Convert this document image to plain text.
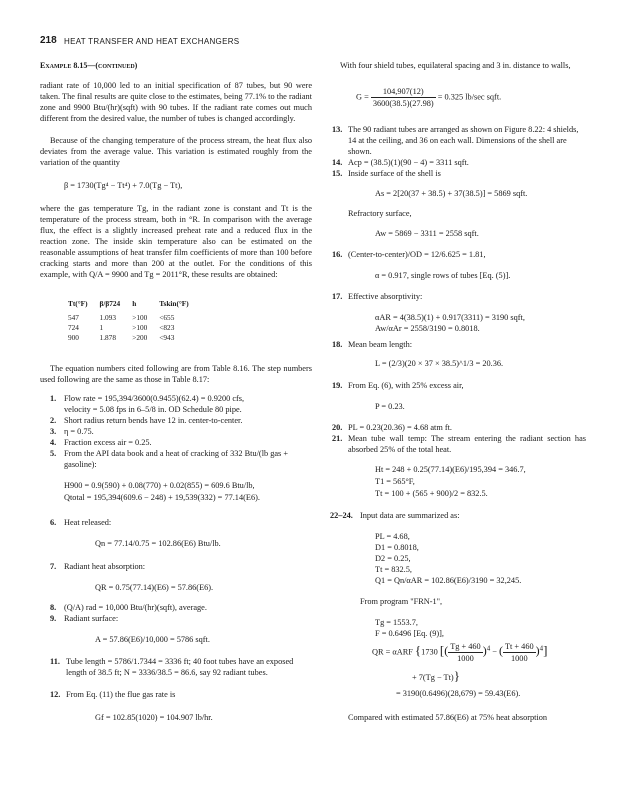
218 HEAT TRANSFER AND HEAT EXCHANGERS
Example 8.15—(continued)
radiant rate of 10,000 led to an initial specification of 87 tubes, but 90 were taken. The final results are quite close to the estimates, being 77.1% to the radiant zone and 9900 Btu/(hr)(sqft) with 90 tubes. If the radiant rate comes out much different from the desired value, the number of tubes is changed accordingly.
Because of the changing temperature of the process stream, the heat flux also deviates from the average value. This variation is estimated roughly from the variation of the quantity
β = 1730(Tg⁴ − Tt⁴) + 7.0(Tg − Tt),
where the gas temperature Tg, in the radiant zone is constant and Tt is the temperature of the process stream, both in °R. In comparison with the average flux, the effect is a slightly increased preheat rate and a reduced flux in the reaction zone. The inside skin temperature also can be estimated on the reasonable assumptions of heat transfer film coefficients of more than 100 before cracking starts and more than 200 at the outlet. For the conditions of this example, with Q/A = 9900 and Tg = 2011°R, these results are obtained:
Tt(°F)	β/β724	h	Tskin(°F)

547	1.093	>100	<655
724	1	>100	<823
900	1.878	>200	<943
The equation numbers cited following are from Table 8.16. The step numbers used following are the same as those in Table 8.17:
1. Flow rate = 195,394/3600(0.9455)(62.4) = 0.9200 cfs,
velocity = 5.08 fps in 6–5/8 in. OD Schedule 80 pipe.
2. Short radius return bends have 12 in. center-to-center.
3. η = 0.75.
4. Fraction excess air = 0.25.
5. From the API data book and a heat of cracking of 332 Btu/(lb gas + gasoline):
H900 = 0.9(590) + 0.08(770) + 0.02(855) = 609.6 Btu/lb,
Qtotal = 195,394(609.6 − 248) + 19,539(332) = 77.14(E6).
6. Heat released:
Qn = 77.14/0.75 = 102.86(E6) Btu/lb.
7. Radiant heat absorption:
QR = 0.75(77.14)(E6) = 57.86(E6).
8. (Q/A) rad = 10,000 Btu/(hr)(sqft), average.
9. Radiant surface:
A = 57.86(E6)/10,000 = 5786 sqft.
11. Tube length = 5786/1.7344 = 3336 ft; 40 foot tubes have an exposed length of 38.5 ft; N = 3336/38.5 = 86.6, say 92 radiant tubes.
12. From Eq. (11) the flue gas rate is
Gf = 102.85(1020) = 104.907 lb/hr.
With four shield tubes, equilateral spacing and 3 in. distance to walls,
$G = \frac{104,907(12)}{3600(38.5)(27.98)} = 0.325$ lb/sec sqft.
13. The 90 radiant tubes are arranged as shown on Figure 8.22: 4 shields, 14 at the ceiling, and 36 on each wall. Dimensions of the shell are shown.
14. Acp = (38.5)(1)(90 − 4) = 3311 sqft.
15. Inside surface of the shell is
As = 2[20(37 + 38.5) + 37(38.5)] = 5869 sqft.
Refractory surface,
Aw = 5869 − 3311 = 2558 sqft.
16. (Center-to-center)/OD = 12/6.625 = 1.81,
α = 0.917, single rows of tubes [Eq. (5)].
17. Effective absorptivity:
αAR = 4(38.5)(1) + 0.917(3311) = 3190 sqft,
Aw/αAr = 2558/3190 = 0.8018.
18. Mean beam length:
L = (2/3)(20 × 37 × 38.5)^1/3 = 20.36.
19. From Eq. (6), with 25% excess air,
P = 0.23.
20. PL = 0.23(20.36) = 4.68 atm ft.
21. Mean tube wall temp: The stream entering the radiant section has absorbed 25% of the total heat.
Ht = 248 + 0.25(77.14)(E6)/195,394 = 346.7,
T1 = 565°F,
Tt = 100 + (565 + 900)/2 = 832.5.
22–24. Input data are summarized as:
PL = 4.68,
D1 = 0.8018,
D2 = 0.25,
Tt = 832.5,
Q1 = Qn/αAR = 102.86(E6)/3190 = 32,245.
From program "FRN-1",
Tg = 1553.7,
F = 0.6496 [Eq. (9)],
QR = αARF {1730 [( $\frac{Tg + 460}{1000} )^4$ − ( $\frac{Tt + 460}{1000} )^4$]
+ 7(Tg − Tt)}
= 3190(0.6496)(28,679) = 59.43(E6).
Compared with estimated 57.86(E6) at 75% heat absorption
